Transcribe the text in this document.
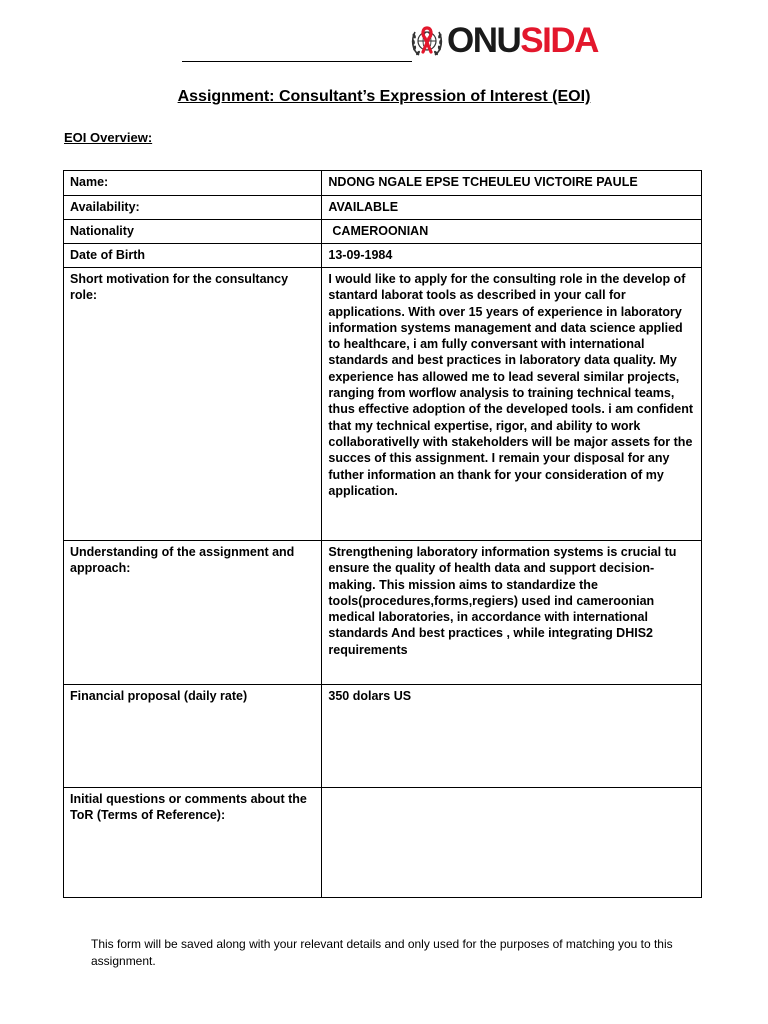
ONUSIDA
Assignment: Consultant’s Expression of Interest (EOI)
EOI Overview:
Name:	NDONG NGALE EPSE TCHEULEU VICTOIRE PAULE
Availability:	AVAILABLE
Nationality	CAMEROONIAN
Date of Birth	13-09-1984
Short motivation for the consultancy role:	I would like to apply for the consulting role in the develop of stantard laborat tools as described in your call for applications. With over 15 years of experience in laboratory information systems management and data science applied to healthcare, i am fully conversant with international standards and best practices in laboratory data quality. My experience has allowed me to lead several similar projects, ranging from worflow analysis to training technical teams, thus effective adoption of the developed tools. i am confident that my technical expertise, rigor, and ability to work collaborativelly with stakeholders will be major assets for the succes of this assignment. I remain your disposal for any futher information an thank for your consideration of my application.
Understanding of the assignment and approach:	Strengthening laboratory information systems is crucial tu ensure the quality of health data and support decision-making. This mission aims to standardize the tools(procedures,forms,regiers) used ind cameroonian medical laboratories, in accordance with international standards And best practices , while integrating DHIS2 requirements
Financial proposal (daily rate)	350 dolars US
Initial questions or comments about the ToR (Terms of Reference):	
This form will be saved along with your relevant details and only used for the purposes of matching you to this assignment.
